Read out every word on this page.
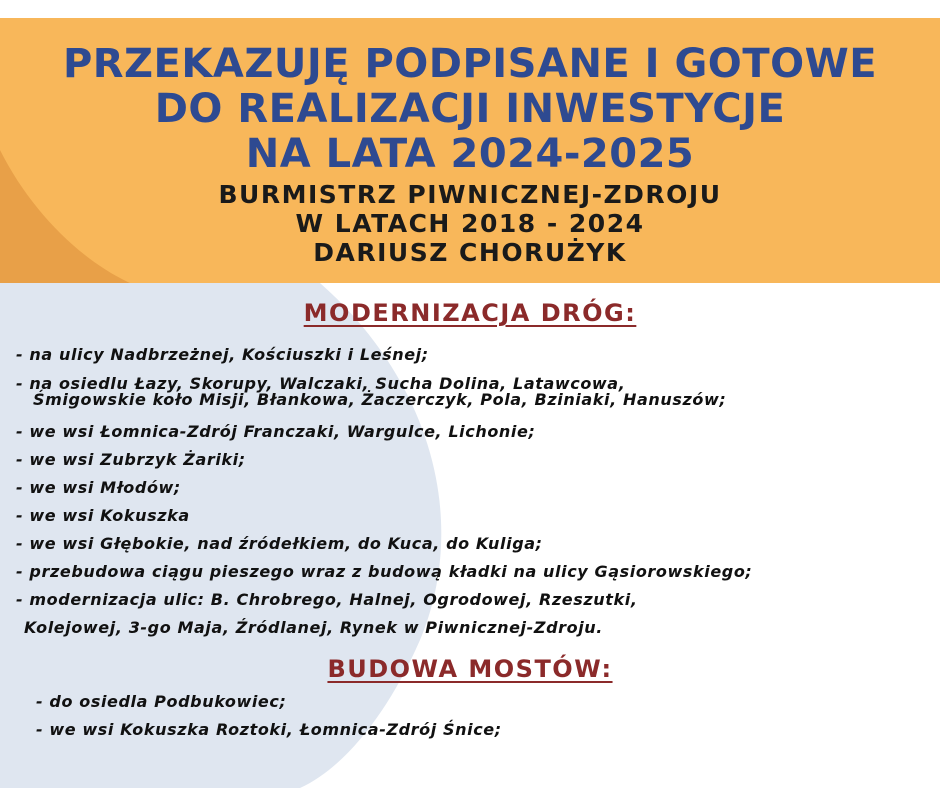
PRZEKAZUJĘ PODPISANE I GOTOWE
DO REALIZACJI INWESTYCJE
NA LATA 2024-2025
BURMISTRZ PIWNICZNEJ-ZDROJU
W LATACH 2018 - 2024
DARIUSZ CHORUŻYK
MODERNIZACJA DRÓG:
- na ulicy Nadbrzeżnej, Kościuszki i Leśnej;
- na osiedlu Łazy, Skorupy, Walczaki, Sucha Dolina, Latawcowa,
Śmigowskie koło Misji, Błankowa, Żaczerczyk, Pola, Bziniaki, Hanuszów;
- we wsi Łomnica-Zdrój Franczaki, Wargulce, Lichonie;
- we wsi Zubrzyk Żariki;
- we wsi Młodów;
- we wsi Kokuszka
- we wsi Głębokie, nad źródełkiem, do Kuca, do Kuliga;
- przebudowa ciągu pieszego wraz z budową kładki na ulicy Gąsiorowskiego;
- modernizacja ulic: B. Chrobrego, Halnej, Ogrodowej, Rzeszutki,
Kolejowej, 3-go Maja, Źródlanej, Rynek w Piwnicznej-Zdroju.
BUDOWA MOSTÓW:
- do osiedla Podbukowiec;
- we wsi Kokuszka Roztoki, Łomnica-Zdrój Śnice;
